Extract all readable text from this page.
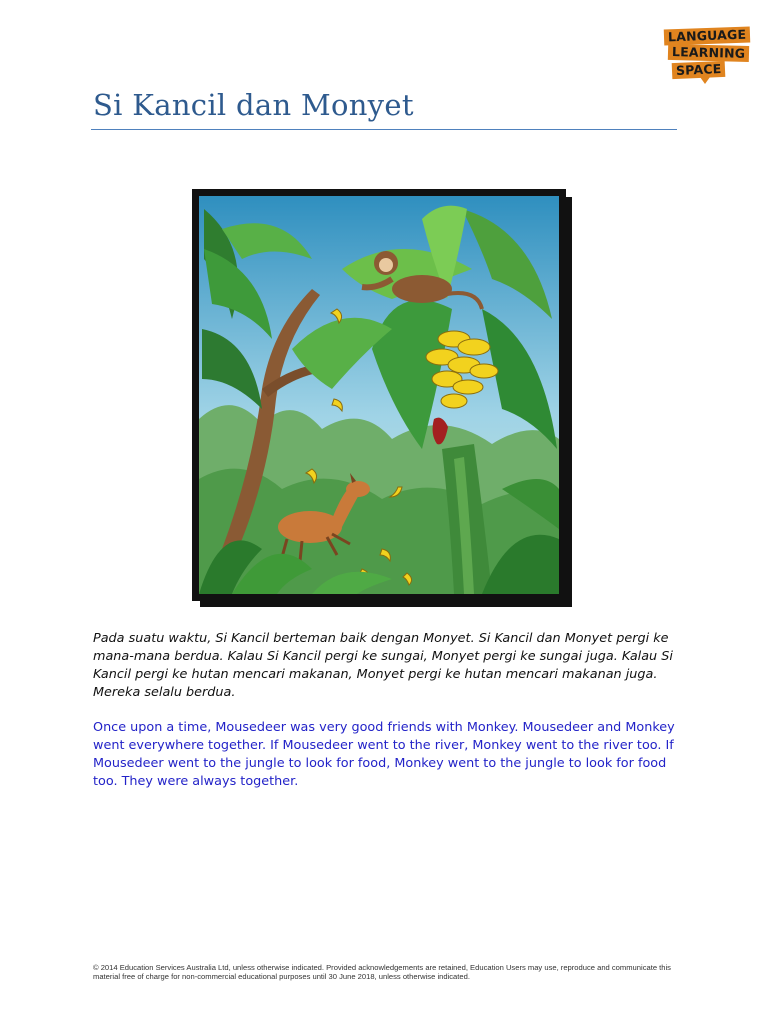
LANGUAGE
LEARNING
SPACE
Si Kancil dan Monyet
Pada suatu waktu, Si Kancil berteman baik dengan Monyet. Si Kancil dan Monyet pergi ke mana-mana berdua. Kalau Si Kancil pergi ke sungai, Monyet pergi ke sungai juga. Kalau Si Kancil pergi ke hutan mencari makanan, Monyet pergi ke hutan mencari makanan juga. Mereka selalu berdua.
Once upon a time, Mousedeer was very good friends with Monkey. Mousedeer and Monkey went everywhere together. If Mousedeer went to the river, Monkey went to the river too. If Mousedeer went to the jungle to look for food, Monkey went to the jungle to look for food too. They were always together.
© 2014 Education Services Australia Ltd, unless otherwise indicated. Provided acknowledgements are retained, Education Users may use, reproduce and communicate this material free of charge for non-commercial educational purposes until 30 June 2018, unless otherwise indicated.
